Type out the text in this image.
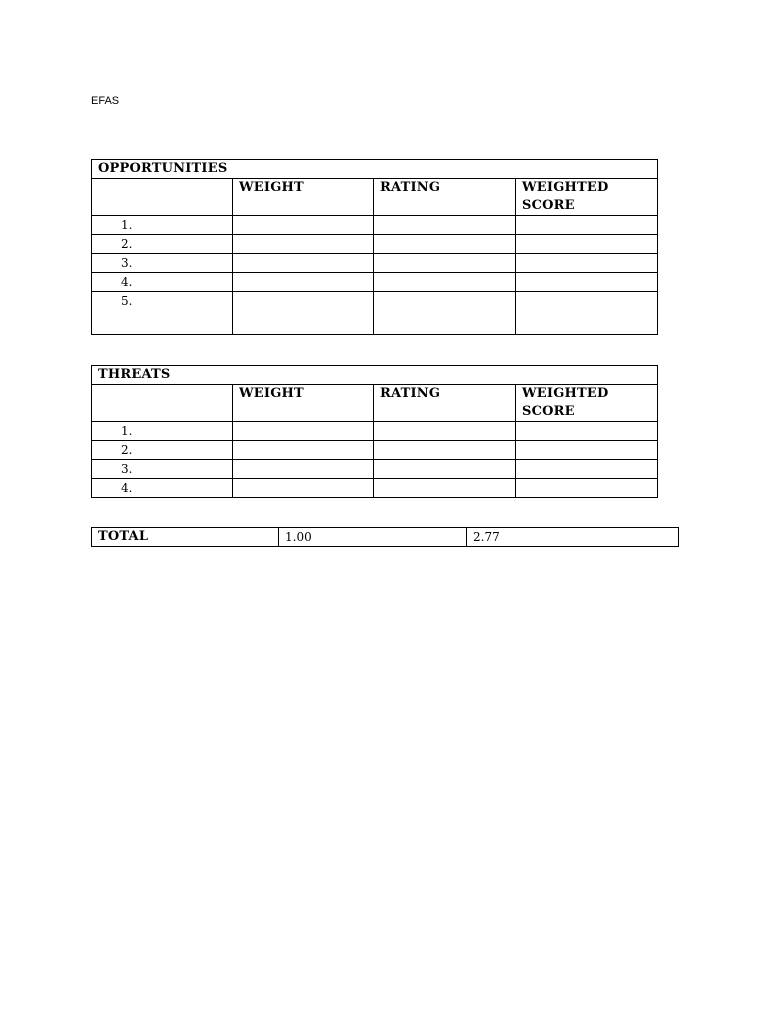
EFAS
OPPORTUNITIES			
	WEIGHT	RATING	WEIGHTED SCORE
1.			
2.			
3.			
4.			
5.			
THREATS			
	WEIGHT	RATING	WEIGHTED SCORE
1.			
2.			
3.			
4.			
TOTAL	1.00	2.77
